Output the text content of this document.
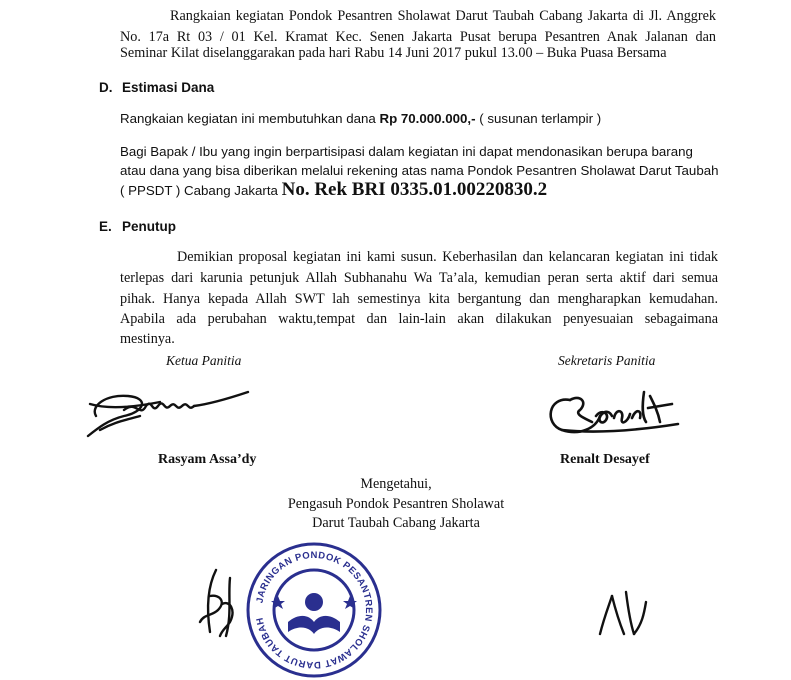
Rangkaian kegiatan Pondok Pesantren Sholawat Darut Taubah Cabang Jakarta di Jl. Anggrek
No. 17a Rt 03 / 01 Kel. Kramat Kec. Senen Jakarta Pusat berupa Pesantren Anak Jalanan dan
Seminar Kilat diselanggarakan pada hari Rabu 14 Juni 2017 pukul 13.00 – Buka Puasa Bersama
D. Estimasi Dana
Rangkaian kegiatan ini membutuhkan dana Rp 70.000.000,- ( susunan terlampir )
Bagi Bapak / Ibu yang ingin berpartisipasi dalam kegiatan ini dapat mendonasikan berupa barang
atau dana yang bisa diberikan melalui rekening atas nama Pondok Pesantren Sholawat Darut Taubah
( PPSDT ) Cabang Jakarta No. Rek BRI 0335.01.00220830.2
E. Penutup
Demikian proposal kegiatan ini kami susun. Keberhasilan dan kelancaran kegiatan ini tidak
terlepas dari karunia petunjuk Allah Subhanahu Wa Ta’ala, kemudian peran serta aktif dari semua
pihak. Hanya kepada Allah SWT lah semestinya kita bergantung dan mengharapkan kemudahan.
Apabila ada perubahan waktu,tempat dan lain-lain akan dilakukan penyesuaian sebagaimana
mestinya.
Ketua Panitia	Sekretaris Panitia
Rasyam Assa’dy	Renalt Desayef
Mengetahui,
Pengasuh Pondok Pesantren Sholawat
Darut Taubah Cabang Jakarta
JARINGAN PONDOK PESANTREN SHOLAWAT DARUT TAUBAH
